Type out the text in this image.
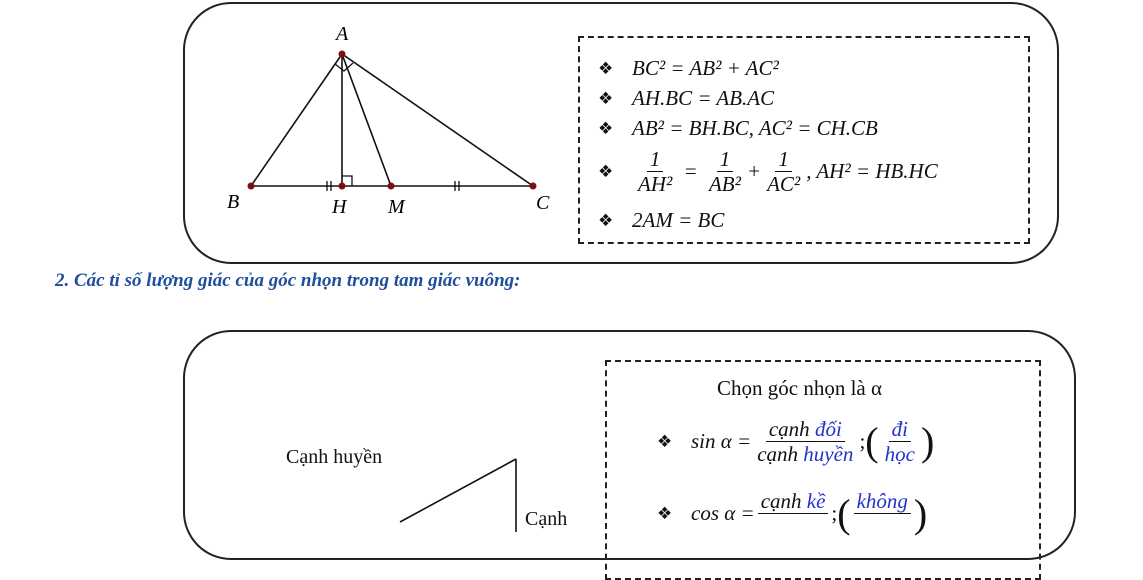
A
B	C
H M
❖ BC² = AB² + AC²
❖ AH.BC = AB.AC
❖ AB² = BH.BC, AC² = CH.CB
❖	$\frac{1}{\text{AH²}} = \frac{1}{\text{AB²}} + \frac{1}{\text{AC²}}$ , AH² = HB.HC
❖ 2AM = BC
2. Các tỉ số lượng giác của góc nhọn trong tam giác vuông:
Cạnh huyền
Cạnh
Chọn góc nhọn là α
❖ $\sin \alpha = \frac{\text{cạnh đối}}{\text{cạnh huyền}}$ ; ( $\frac{đi}{\text{học}}$ )
❖ cos α = cạnh kề
; ( không
)
